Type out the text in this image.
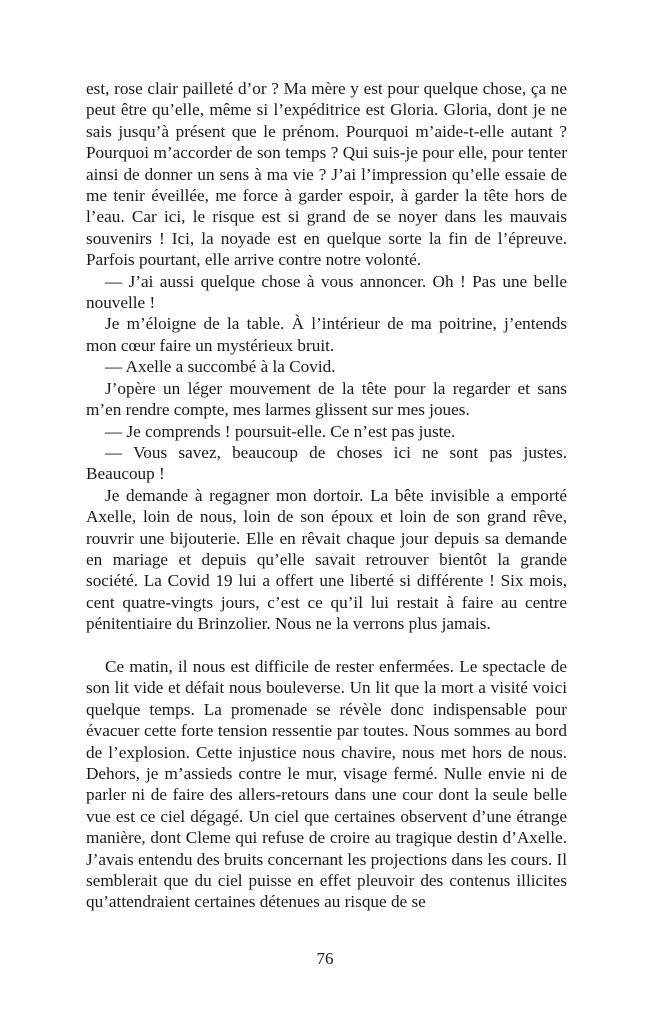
est, rose clair pailleté d’or ? Ma mère y est pour quelque chose, ça ne peut être qu’elle, même si l’expéditrice est Gloria. Gloria, dont je ne sais jusqu’à présent que le prénom. Pourquoi m’aide-t-elle autant ? Pourquoi m’accorder de son temps ? Qui suis-je pour elle, pour tenter ainsi de donner un sens à ma vie ? J’ai l’impression qu’elle essaie de me tenir éveillée, me force à garder espoir, à garder la tête hors de l’eau. Car ici, le risque est si grand de se noyer dans les mauvais souvenirs ! Ici, la noyade est en quelque sorte la fin de l’épreuve. Parfois pourtant, elle arrive contre notre volonté.

— J’ai aussi quelque chose à vous annoncer. Oh ! Pas une belle nouvelle !

Je m’éloigne de la table. À l’intérieur de ma poitrine, j’entends mon cœur faire un mystérieux bruit.

— Axelle a succombé à la Covid.

J’opère un léger mouvement de la tête pour la regarder et sans m’en rendre compte, mes larmes glissent sur mes joues.

— Je comprends ! poursuit-elle. Ce n’est pas juste.

— Vous savez, beaucoup de choses ici ne sont pas justes. Beaucoup !

Je demande à regagner mon dortoir. La bête invisible a emporté Axelle, loin de nous, loin de son époux et loin de son grand rêve, rouvrir une bijouterie. Elle en rêvait chaque jour depuis sa demande en mariage et depuis qu’elle savait retrouver bientôt la grande société. La Covid 19 lui a offert une liberté si différente ! Six mois, cent quatre-vingts jours, c’est ce qu’il lui restait à faire au centre pénitentiaire du Brinzolier. Nous ne la verrons plus jamais.

Ce matin, il nous est difficile de rester enfermées. Le spectacle de son lit vide et défait nous bouleverse. Un lit que la mort a visité voici quelque temps. La promenade se révèle donc indispensable pour évacuer cette forte tension ressentie par toutes. Nous sommes au bord de l’explosion. Cette injustice nous chavire, nous met hors de nous. Dehors, je m’assieds contre le mur, visage fermé. Nulle envie ni de parler ni de faire des allers-retours dans une cour dont la seule belle vue est ce ciel dégagé. Un ciel que certaines observent d’une étrange manière, dont Cleme qui refuse de croire au tragique destin d’Axelle. J’avais entendu des bruits concernant les projections dans les cours. Il semblerait que du ciel puisse en effet pleuvoir des contenus illicites qu’attendraient certaines détenues au risque de se

76
